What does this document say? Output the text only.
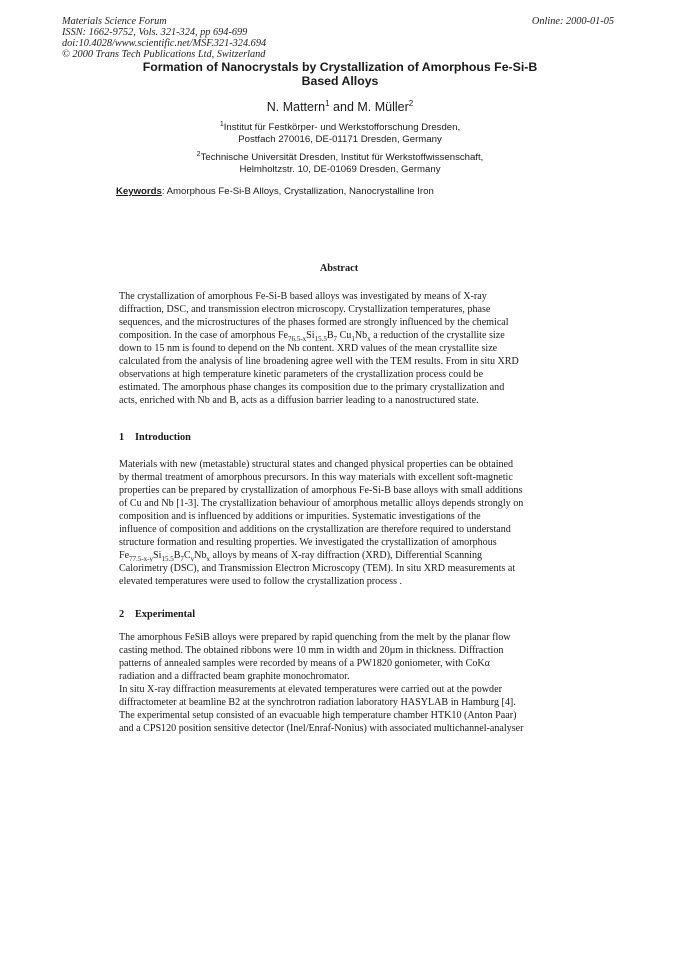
Materials Science Forum
ISSN: 1662-9752, Vols. 321-324, pp 694-699
doi:10.4028/www.scientific.net/MSF.321-324.694
© 2000 Trans Tech Publications Ltd, Switzerland
Online: 2000-01-05
Formation of Nanocrystals by Crystallization of Amorphous Fe-Si-B
Based Alloys
N. Mattern$^1$ and M. Müller$^2$
$^1$Institut für Festkörper- und Werkstofforschung Dresden,
Postfach 270016, DE-01171 Dresden, Germany
$^2$Technische Universität Dresden, Institut für Werkstoffwissenschaft,
Helmholtzstr. 10, DE-01069 Dresden, Germany
Keywords: Amorphous Fe-Si-B Alloys, Crystallization, Nanocrystalline Iron
Abstract
The crystallization of amorphous Fe-Si-B based alloys was investigated by means of X-ray
diffraction, DSC, and transmission electron microscopy. Crystallization temperatures, phase
sequences, and the microstructures of the phases formed are strongly influenced by the chemical
composition. In the case of amorphous $Fe_{76.5-x}Si_{15.5}B_7$ $Cu_1Nb_x$ a reduction of the crystallite size
down to 15 nm is found to depend on the Nb content. XRD values of the mean crystallite size
calculated from the analysis of line broadening agree well with the TEM results. From in situ XRD
observations at high temperature kinetic parameters of the crystallization process could be
estimated. The amorphous phase changes its composition due to the primary crystallization and
acts, enriched with Nb and B, acts as a diffusion barrier leading to a nanostructured state.
1 Introduction
Materials with new (metastable) structural states and changed physical properties can be obtained
by thermal treatment of amorphous precursors. In this way materials with excellent soft-magnetic
properties can be prepared by crystallization of amorphous Fe-Si-B base alloys with small additions
of Cu and Nb [1-3]. The crystallization behaviour of amorphous metallic alloys depends strongly on
composition and is influenced by additions or impurities. Systematic investigations of the
influence of composition and additions on the crystallization are therefore required to understand
structure formation and resulting properties. We investigated the crystallization of amorphous
$Fe_{77.5-x-y}Si_{15.5}B_7C_yNb_x$ alloys by means of X-ray diffraction (XRD), Differential Scanning
Calorimetry (DSC), and Transmission Electron Microscopy (TEM). In situ XRD measurements at
elevated temperatures were used to follow the crystallization process .
2 Experimental
The amorphous FeSiB alloys were prepared by rapid quenching from the melt by the planar flow
casting method. The obtained ribbons were 10 mm in width and 20µm in thickness. Diffraction
patterns of annealed samples were recorded by means of a PW1820 goniometer, with CoKα
radiation and a diffracted beam graphite monochromator.
In situ X-ray diffraction measurements at elevated temperatures were carried out at the powder
diffractometer at beamline B2 at the synchrotron radiation laboratory HASYLAB in Hamburg [4].
The experimental setup consisted of an evacuable high temperature chamber HTK10 (Anton Paar)
and a CPS120 position sensitive detector (Inel/Enraf-Nonius) with associated multichannel-analyser
